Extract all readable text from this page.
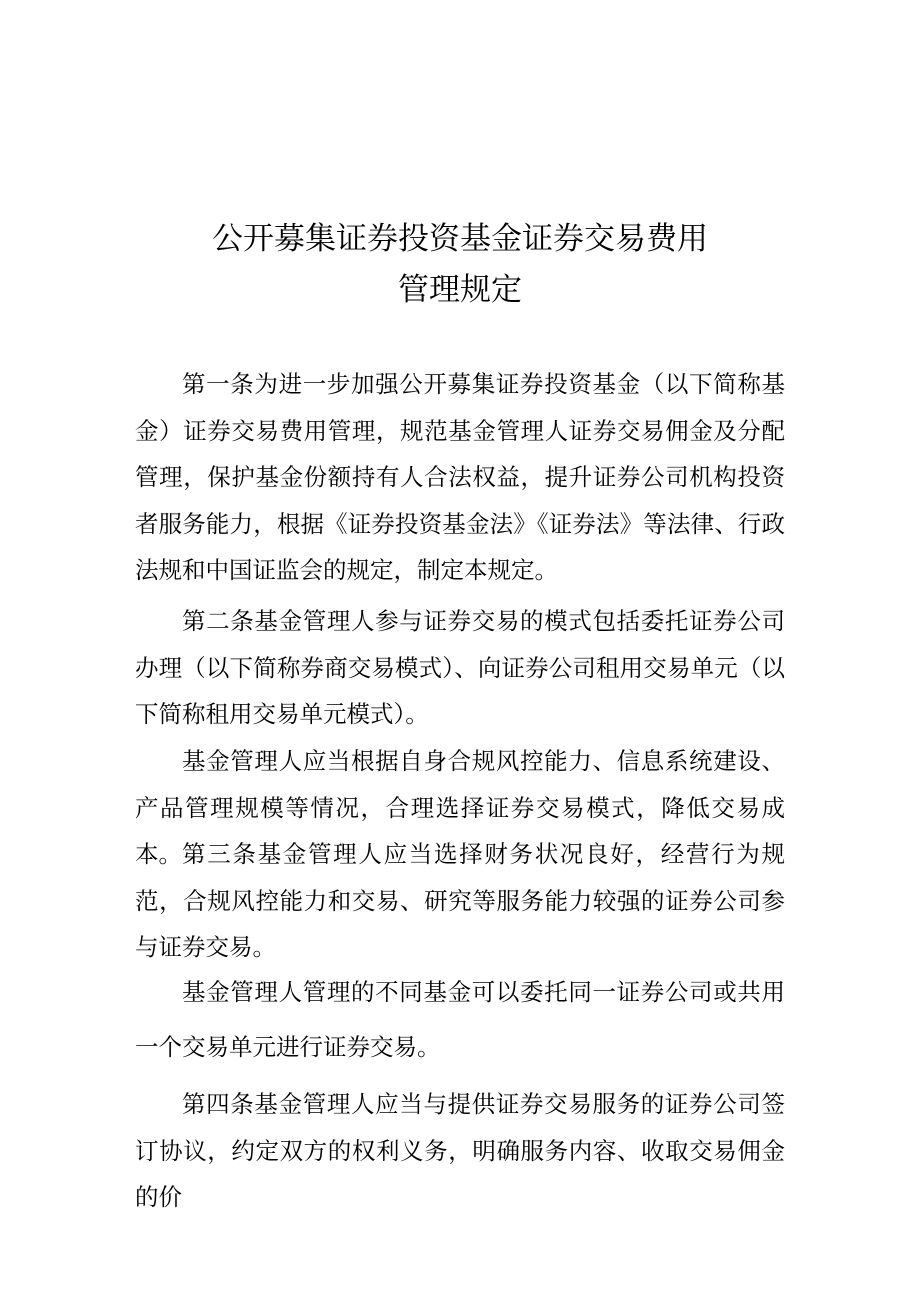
公开募集证券投资基金证券交易费用
管理规定

第一条为进一步加强公开募集证券投资基金（以下简称基金）证券交易费用管理，规范基金管理人证券交易佣金及分配管理，保护基金份额持有人合法权益，提升证券公司机构投资者服务能力，根据《证券投资基金法》《证券法》等法律、行政法规和中国证监会的规定，制定本规定。

第二条基金管理人参与证券交易的模式包括委托证券公司办理（以下简称券商交易模式）、向证券公司租用交易单元（以下简称租用交易单元模式）。

基金管理人应当根据自身合规风控能力、信息系统建设、产品管理规模等情况，合理选择证券交易模式，降低交易成本。 第三条基金管理人应当选择财务状况良好，经营行为规范，合规风控能力和交易、研究等服务能力较强的证券公司参与证券交易。

基金管理人管理的不同基金可以委托同一证券公司或共用一个交易单元进行证券交易。

第四条基金管理人应当与提供证券交易服务的证券公司签订协议，约定双方的权利义务，明确服务内容、收取交易佣金的价
